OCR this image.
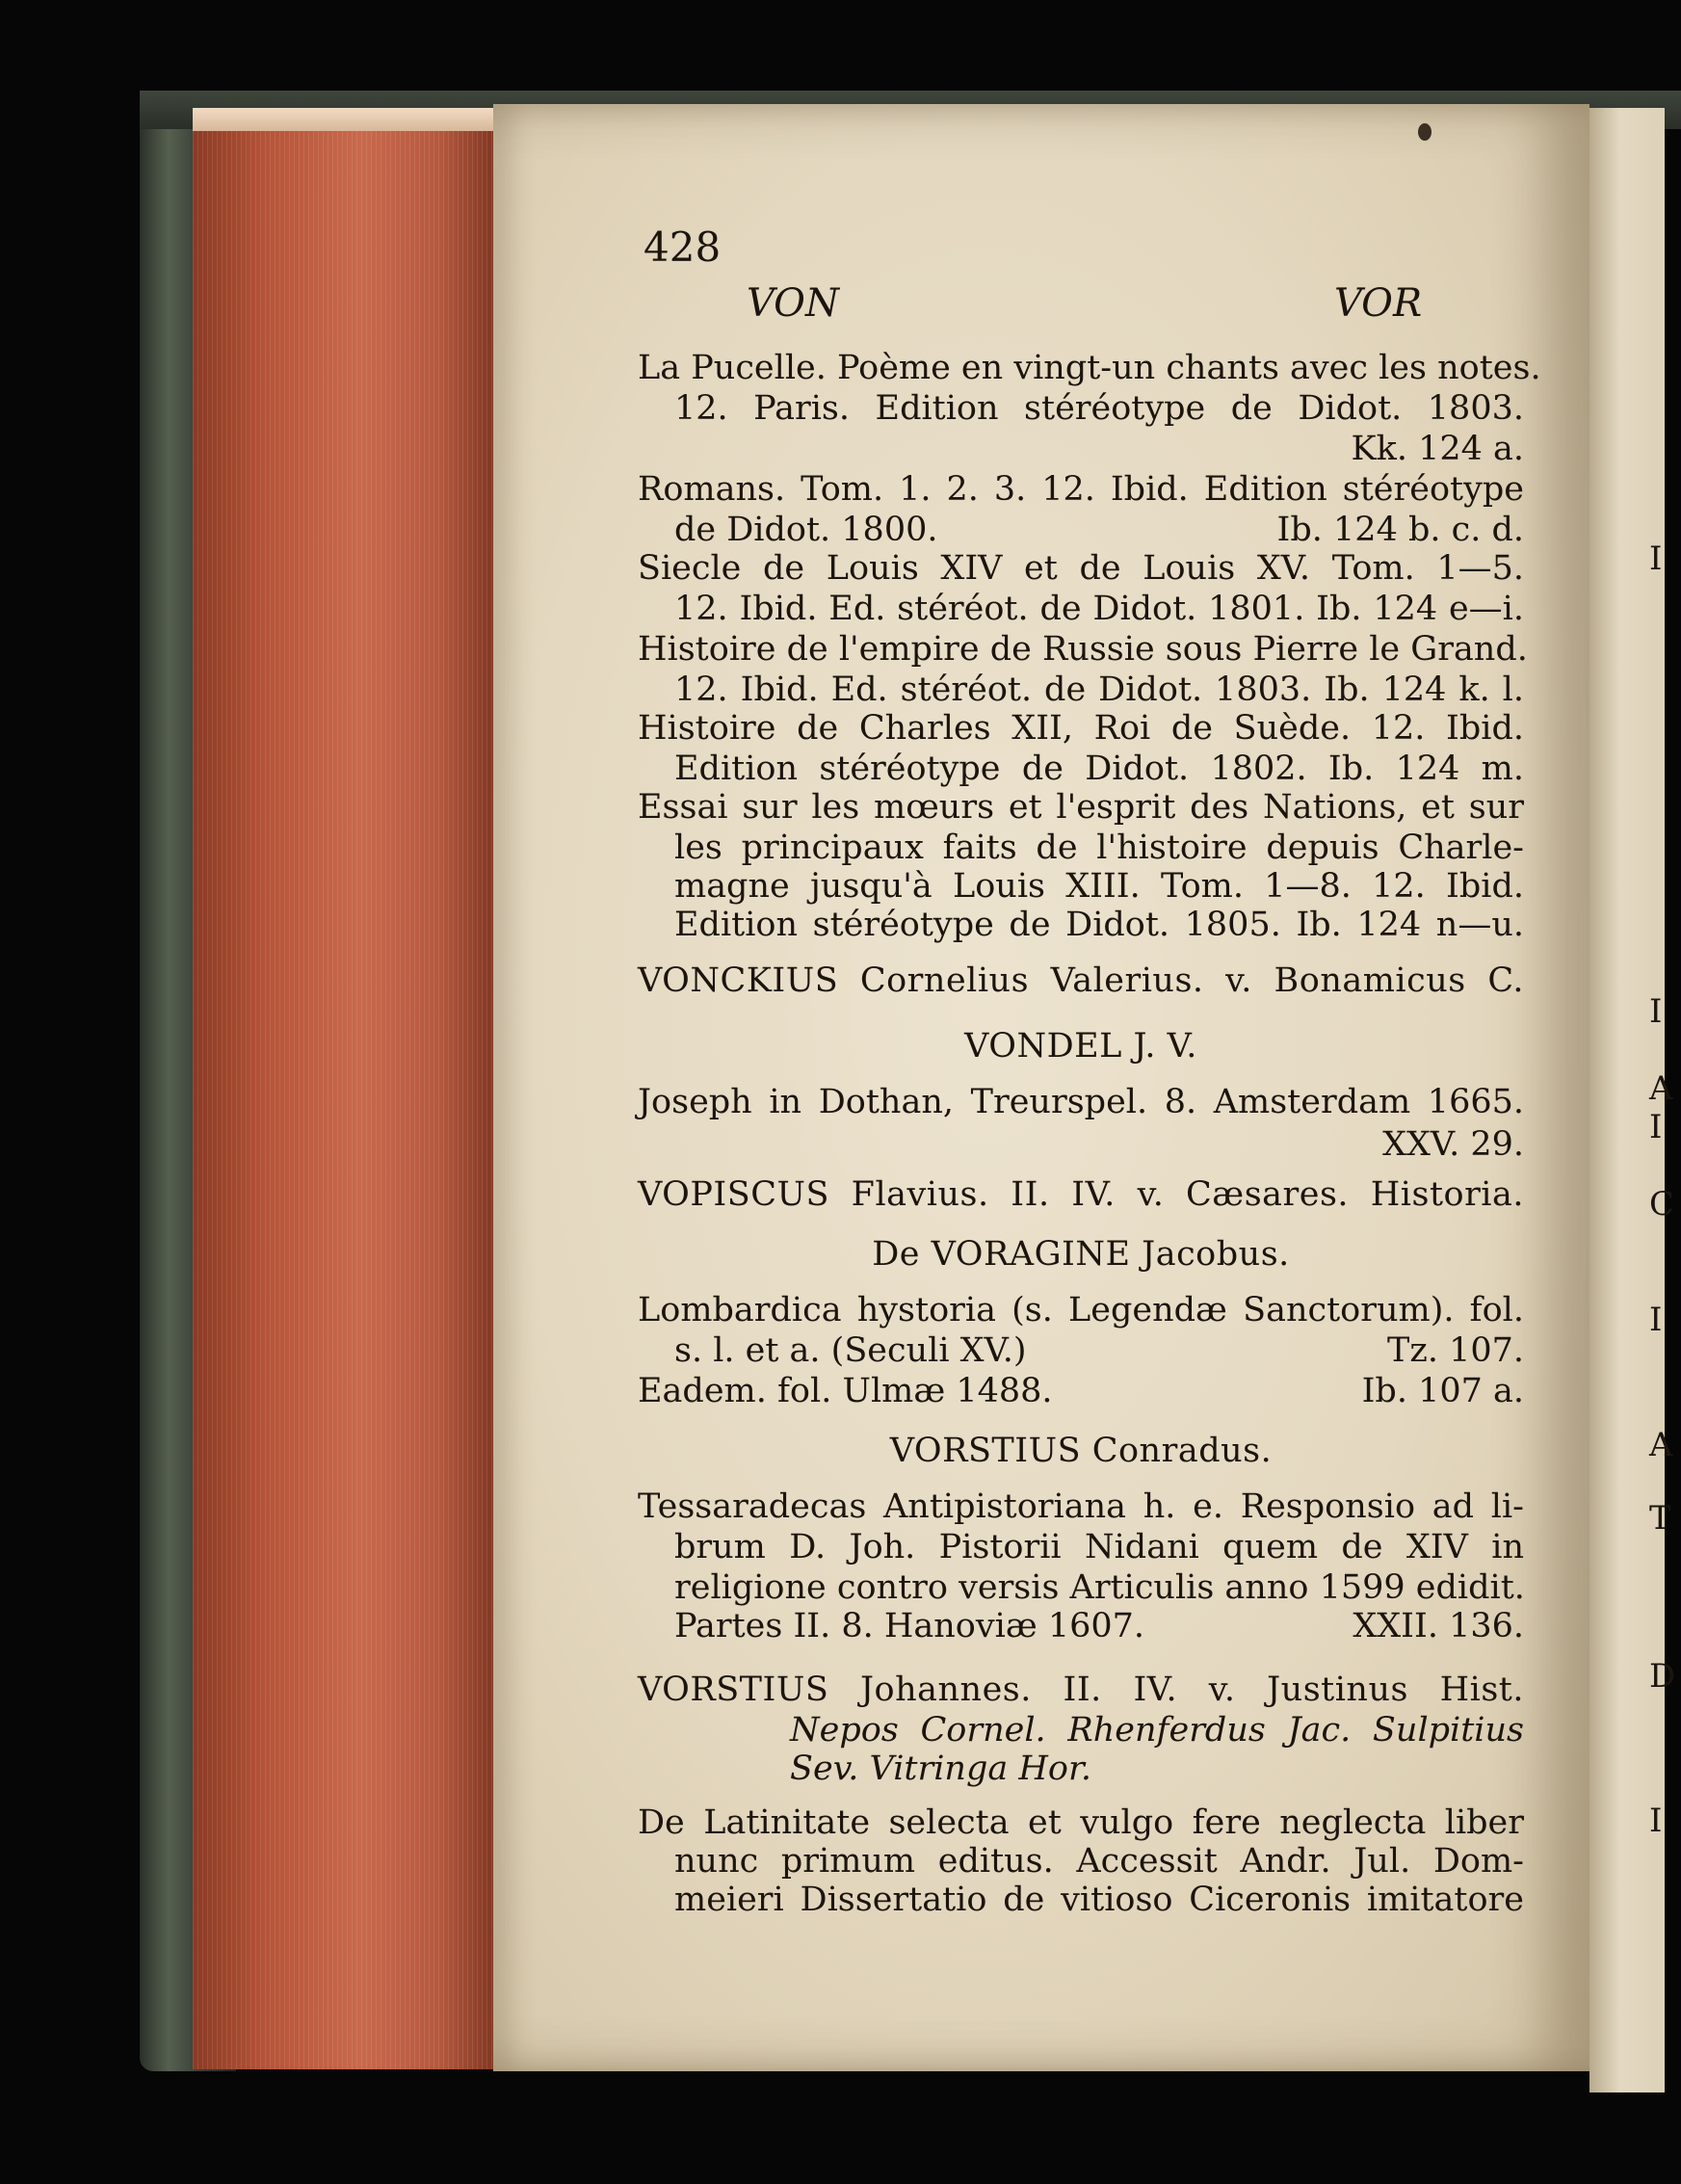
428
VON	VOR
La Pucelle. Poème en vingt-un chants avec les notes.
12. Paris. Edition stéréotype de Didot. 1803.
Kk. 124 a.
Romans. Tom. 1. 2. 3. 12. Ibid. Edition stéréotype
de Didot. 1800.	Ib. 124 b. c. d.
Siecle de Louis XIV et de Louis XV. Tom. 1—5.
12. Ibid. Ed. stéréot. de Didot. 1801. Ib. 124 e—i.
Histoire de l'empire de Russie sous Pierre le Grand.
12. Ibid. Ed. stéréot. de Didot. 1803. Ib. 124 k. l.
Histoire de Charles XII, Roi de Suède. 12. Ibid.
Edition stéréotype de Didot. 1802. Ib. 124 m.
Essai sur les mœurs et l'esprit des Nations, et sur
les principaux faits de l'histoire depuis Charle-
magne jusqu'à Louis XIII. Tom. 1—8. 12. Ibid.
Edition stéréotype de Didot. 1805. Ib. 124 n—u.
VONCKIUS Cornelius Valerius. v. Bonamicus C.
VONDEL J. V.
Joseph in Dothan, Treurspel. 8. Amsterdam 1665.
XXV. 29.
VOPISCUS Flavius. II. IV. v. Cæsares. Historia.
De VORAGINE Jacobus.
Lombardica hystoria (s. Legendæ Sanctorum). fol.
s. l. et a. (Seculi XV.)	Tz. 107.
Eadem. fol. Ulmæ 1488.	Ib. 107 a.
VORSTIUS Conradus.
Tessaradecas Antipistoriana h. e. Responsio ad li-
brum D. Joh. Pistorii Nidani quem de XIV in
religione contro versis Articulis anno 1599 edidit.
Partes II. 8. Hanoviæ 1607.	XXII. 136.
VORSTIUS Johannes. II. IV. v. Justinus Hist.
Nepos Cornel. Rhenferdus Jac. Sulpitius
Sev. Vitringa Hor.
De Latinitate selecta et vulgo fere neglecta liber
nunc primum editus. Accessit Andr. Jul. Dom-
meieri Dissertatio de vitioso Ciceronis imitatore
I
I
A
I
C
I
A
T
D
I
